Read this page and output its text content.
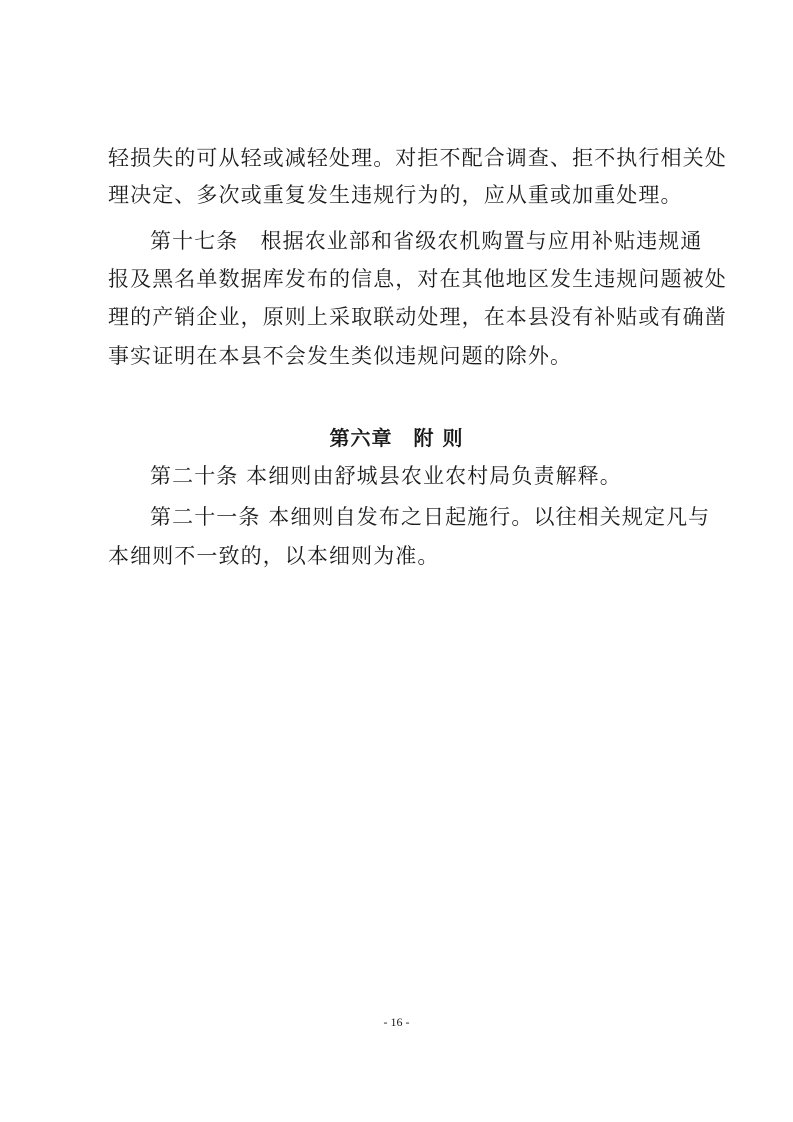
轻损失的可从轻或减轻处理。对拒不配合调查、拒不执行相关处
理决定、多次或重复发生违规行为的，应从重或加重处理。
第十七条　根据农业部和省级农机购置与应用补贴违规通
报及黑名单数据库发布的信息，对在其他地区发生违规问题被处
理的产销企业，原则上采取联动处理，在本县没有补贴或有确凿
事实证明在本县不会发生类似违规问题的除外。
第六章　附 则
第二十条 本细则由舒城县农业农村局负责解释。
第二十一条 本细则自发布之日起施行。以往相关规定凡与
本细则不一致的，以本细则为准。
- 16 -
